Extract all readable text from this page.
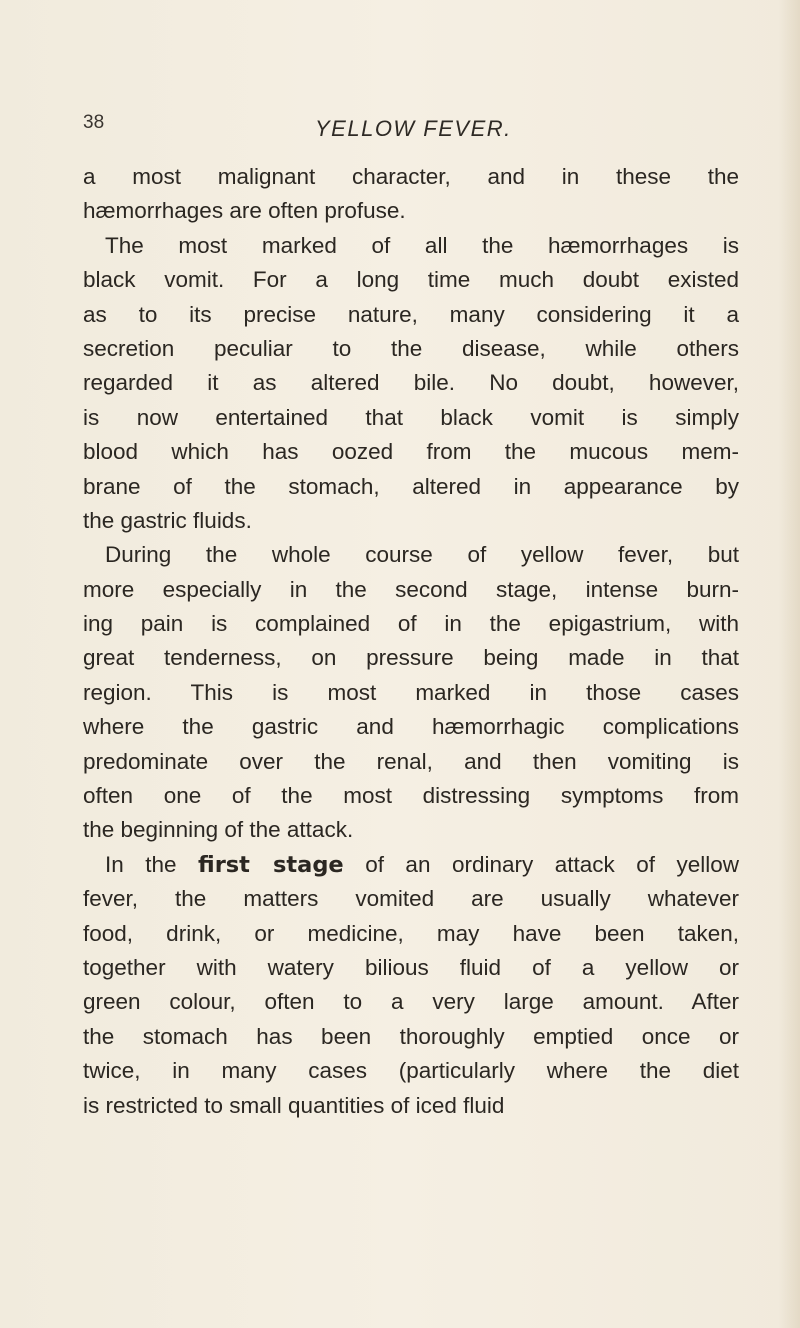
38	YELLOW FEVER.
a most malignant character, and in these the
hæmorrhages are often profuse.
The most marked of all the hæmorrhages is
black vomit. For a long time much doubt existed
as to its precise nature, many considering it a
secretion peculiar to the disease, while others
regarded it as altered bile. No doubt, however,
is now entertained that black vomit is simply
blood which has oozed from the mucous mem-
brane of the stomach, altered in appearance by
the gastric fluids.
During the whole course of yellow fever, but
more especially in the second stage, intense burn-
ing pain is complained of in the epigastrium, with
great tenderness, on pressure being made in that
region. This is most marked in those cases
where the gastric and hæmorrhagic complications
predominate over the renal, and then vomiting is
often one of the most distressing symptoms from
the beginning of the attack.
In the first stage of an ordinary attack of yellow
fever, the matters vomited are usually whatever
food, drink, or medicine, may have been taken,
together with watery bilious fluid of a yellow or
green colour, often to a very large amount. After
the stomach has been thoroughly emptied once or
twice, in many cases (particularly where the diet
is restricted to small quantities of iced fluid
